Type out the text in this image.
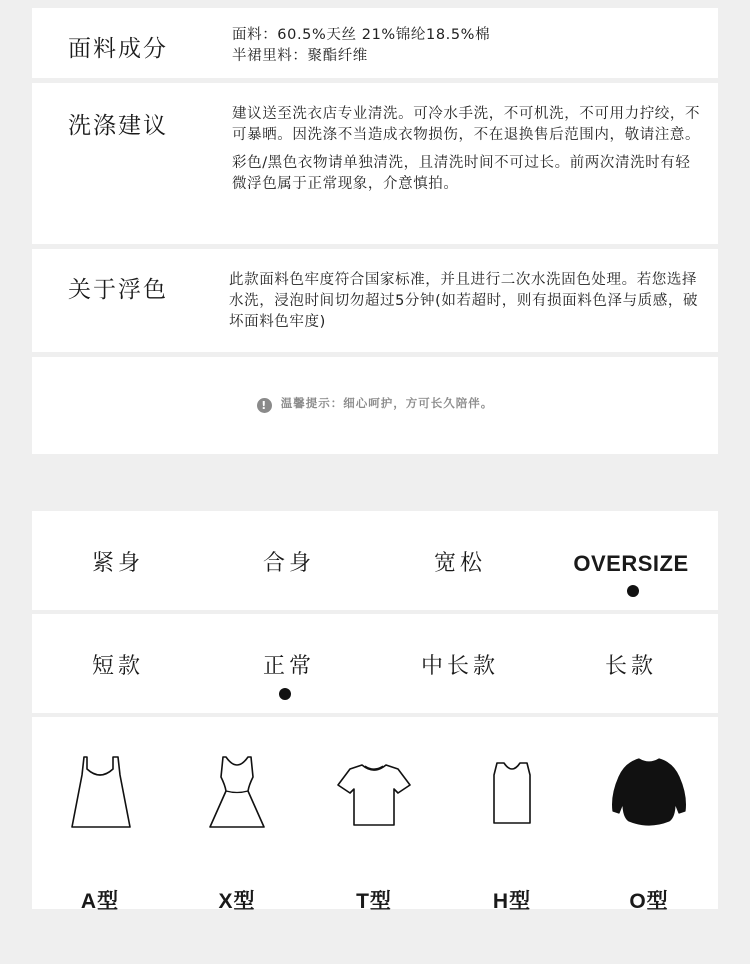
面料成分

面料：60.5%天丝 21%锦纶18.5%棉

半裙里料：聚酯纤维

洗涤建议	建议送至洗衣店专业清洗。可冷水手洗，不可机洗，不可用力拧绞，不可暴晒。因洗涤不当造成衣物损伤，不在退换售后范围内，敬请注意。

彩色/黑色衣物请单独清洗，且清洗时间不可过长。前两次清洗时有轻微浮色属于正常现象，介意慎拍。

关于浮色	此款面料色牢度符合国家标准，并且进行二次水洗固色处理。若您选择水洗，浸泡时间切勿超过5分钟(如若超时，则有损面料色泽与质感，破坏面料色牢度)

! 温馨提示：细心呵护，方可长久陪伴。
紧身	合身	宽松	OVERSIZE
短款	正常	中长款	长款
A型	X型	T型	H型	O型
